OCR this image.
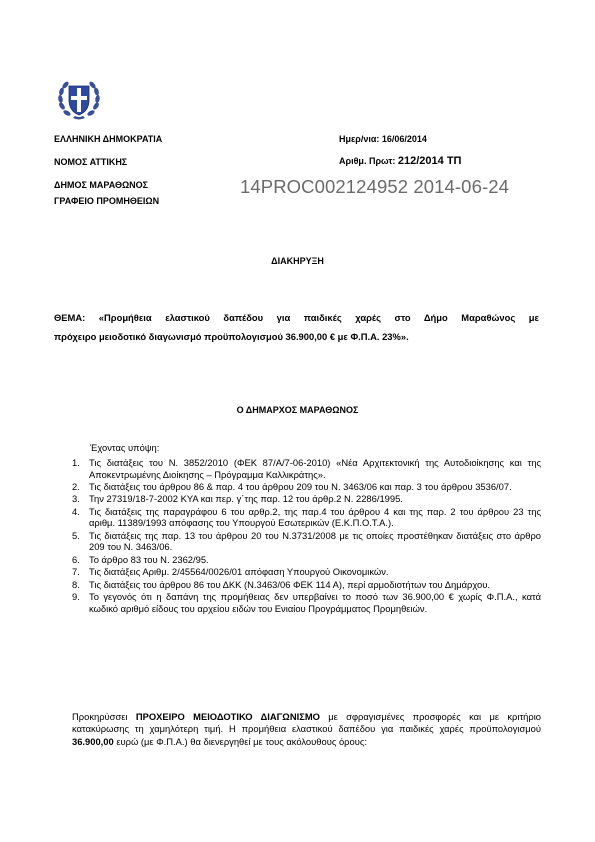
ΕΛΛΗΝΙΚΗ ΔΗΜΟΚΡΑΤΙΑ
ΝΟΜΟΣ ΑΤΤΙΚΗΣ
ΔΗΜΟΣ ΜΑΡΑΘΩΝΟΣ
ΓΡΑΦΕΙΟ ΠΡΟΜΗΘΕΙΩΝ
Ημερ/νια: 16/06/2014
Αριθμ. Πρωτ: 212/2014 ΤΠ
14PROC002124952 2014-06-24
ΔΙΑΚΗΡΥΞΗ
ΘΕΜΑ: «Προμήθεια ελαστικού δαπέδου για παιδικές χαρές στο Δήμο Μαραθώνος με
πρόχειρο μειοδοτικό διαγωνισμό προϋπολογισμού 36.900,00 € με Φ.Π.Α. 23%».
Ο ΔΗΜΑΡΧΟΣ ΜΑΡΑΘΩΝΟΣ
Έχοντας υπόψη:
1. Τις διατάξεις του Ν. 3852/2010 (ΦΕΚ 87/Α/7-06-2010) «Νέα Αρχιτεκτονική της Αυτοδιοίκησης και της Αποκεντρωμένης Διοίκησης – Πρόγραμμα Καλλικράτης».
2. Τις διατάξεις του άρθρου 86 & παρ. 4 του άρθρου 209 του Ν. 3463/06 και παρ. 3 του άρθρου 3536/07.
3. Την 27319/18-7-2002 ΚΥΑ και περ. γ΄της παρ. 12 του άρθρ.2 Ν. 2286/1995.
4. Τις διατάξεις της παραγράφου 6 του αρθρ.2, της παρ.4 του άρθρου 4 και της παρ. 2 του άρθρου 23 της αριθμ. 11389/1993 απόφασης του Υπουργού Εσωτερικών (Ε.Κ.Π.Ο.Τ.Α.).
5. Τις διατάξεις της παρ. 13 του άρθρου 20 του Ν.3731/2008 με τις οποίες προστέθηκαν διατάξεις στο άρθρο 209 του Ν. 3463/06.
6. Το άρθρο 83 του Ν. 2362/95.
7. Τις διατάξεις Αριθμ. 2/45564/0026/01 απόφαση Υπουργού Οικονομικών.
8. Τις διατάξεις του άρθρου 86 του ΔΚΚ (Ν.3463/06 ΦΕΚ 114 Α), περί αρμοδιοτήτων του Δημάρχου.
9. Το γεγονός ότι η δαπάνη της προμήθειας δεν υπερβαίνει το ποσό των 36.900,00 € χωρίς Φ.Π.Α., κατά κωδικό αριθμό είδους του αρχείου ειδών του Ενιαίου Προγράμματος Προμηθειών.
Προκηρύσσει ΠΡΟΧΕΙΡΟ ΜΕΙΟΔΟΤΙΚΟ ΔΙΑΓΩΝΙΣΜΟ με σφραγισμένες προσφορές και με κριτήριο κατακύρωσης τη χαμηλότερη τιμή. Η προμήθεια ελαστικού δαπέδου για παιδικές χαρές προϋπολογισμού 36.900,00 ευρώ (με Φ.Π.Α.) θα διενεργηθεί με τους ακόλουθους όρους:
